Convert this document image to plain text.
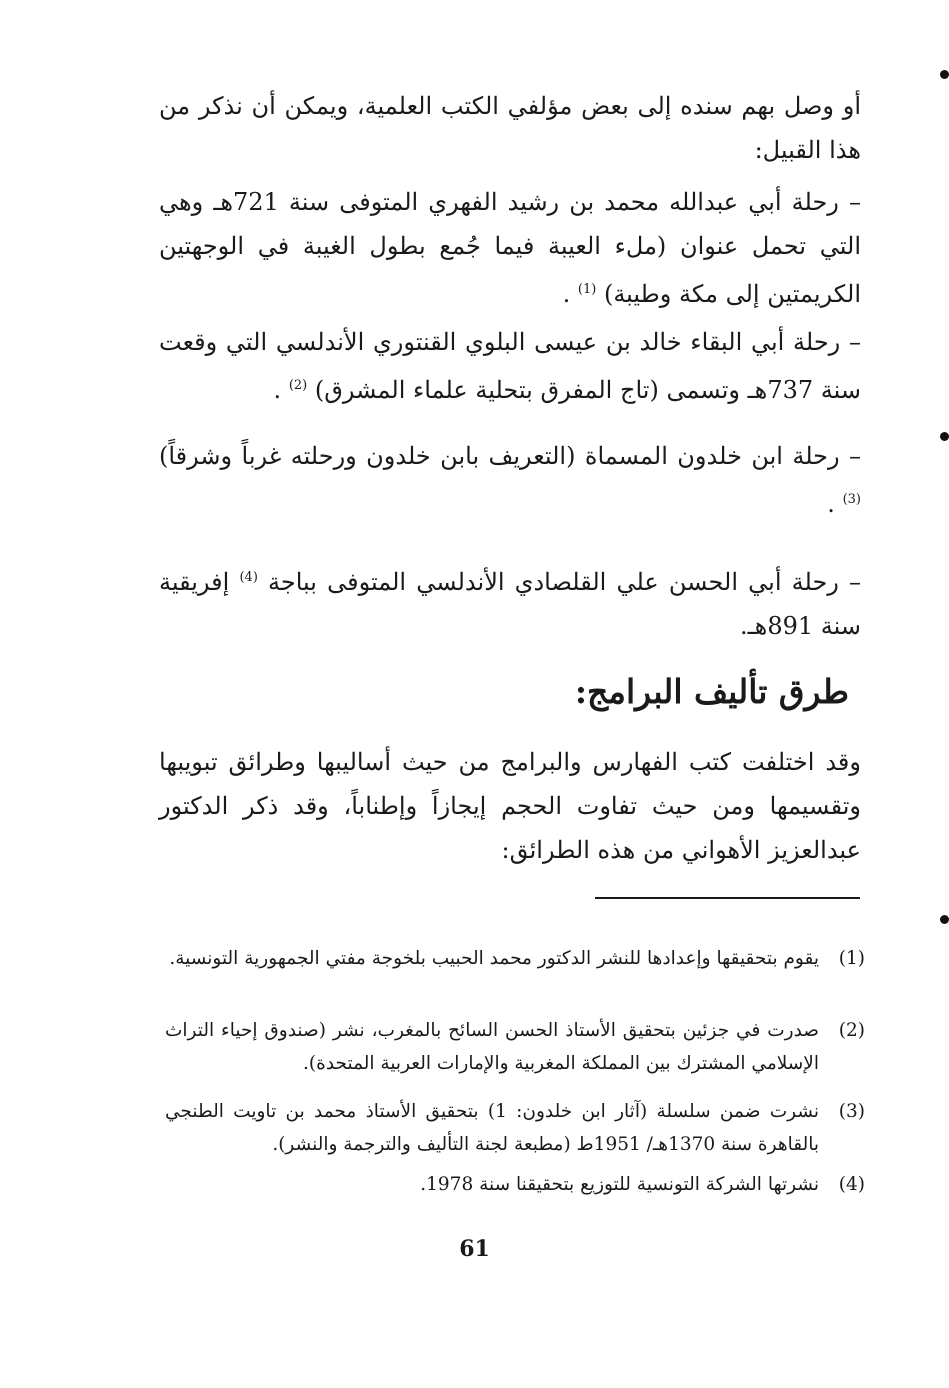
أو وصل بهم سنده إلى بعض مؤلفي الكتب العلمية، ويمكن أن نذكر من هذا القبيل:
– رحلة أبي عبدالله محمد بن رشيد الفهري المتوفى سنة 721هـ وهي التي تحمل عنوان (ملء العيبة فيما جُمع بطول الغيبة في الوجهتين الكريمتين إلى مكة وطيبة) $^{(1)}$ .
– رحلة أبي البقاء خالد بن عيسى البلوي القنتوري الأندلسي التي وقعت سنة 737هـ وتسمى (تاج المفرق بتحلية علماء المشرق) $^{(2)}$ .
– رحلة ابن خلدون المسماة (التعريف بابن خلدون ورحلته غرباً وشرقاً) $^{(3)}$ .
– رحلة أبي الحسن علي القلصادي الأندلسي المتوفى بباجة $^{(4)}$ إفريقية سنة 891هـ.
طرق تأليف البرامج:
وقد اختلفت كتب الفهارس والبرامج من حيث أساليبها وطرائق تبويبها وتقسيمها ومن حيث تفاوت الحجم إيجازاً وإطناباً، وقد ذكر الدكتور عبدالعزيز الأهواني من هذه الطرائق:
(1)
يقوم بتحقيقها وإعدادها للنشر الدكتور محمد الحبيب بلخوجة مفتي الجمهورية التونسية.
(2)
صدرت في جزئين بتحقيق الأستاذ الحسن السائح بالمغرب، نشر (صندوق إحياء التراث الإسلامي المشترك بين المملكة المغربية والإمارات العربية المتحدة).
(3)
نشرت ضمن سلسلة (آثار ابن خلدون: 1) بتحقيق الأستاذ محمد بن تاويت الطنجي بالقاهرة سنة 1370هـ/ 1951ط (مطبعة لجنة التأليف والترجمة والنشر).
(4)
نشرتها الشركة التونسية للتوزيع بتحقيقنا سنة 1978.
61
